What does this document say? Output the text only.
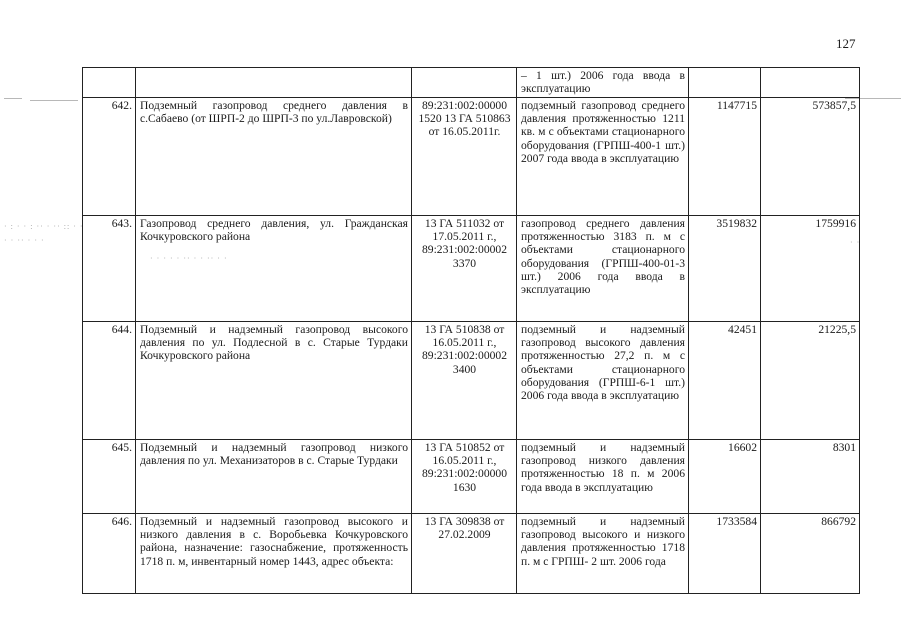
127
· : · · : ·· · ·· :: · ·
· · ·· · · ·
· · · · · ·· · · ·· · ·
· ·
			– 1 шт.) 2006 года ввода в эксплуатацию		
642.	Подземный газопровод среднего давления в с.Сабаево (от ШРП-2 до ШРП-3 по ул.Лавровской)	89:231:002:00000 1520 13 ГА 510863 от 16.05.2011г.	подземный газопровод среднего давления протяженностью 1211 кв. м с объектами стационарного оборудования (ГРПШ-400-1 шт.) 2007 года ввода в эксплуатацию	1147715	573857,5
643.	Газопровод среднего давления, ул. Гражданская Кочкуровского района	13 ГА 511032 от 17.05.2011 г., 89:231:002:00002 3370	газопровод среднего давления протяженностью 3183 п. м с объектами стационарного оборудования (ГРПШ-400-01-3 шт.) 2006 года ввода в эксплуатацию	3519832	1759916
644.	Подземный и надземный газопровод высокого давления по ул. Подлесной в с. Старые Турдаки Кочкуровского района	13 ГА 510838 от 16.05.2011 г., 89:231:002:00002 3400	подземный и надземный газопровод высокого давления протяженностью 27,2 п. м с объектами стационарного оборудования (ГРПШ-6-1 шт.) 2006 года ввода в эксплуатацию	42451	21225,5
645.	Подземный и надземный газопровод низкого давления по ул. Механизаторов в с. Старые Турдаки	13 ГА 510852 от 16.05.2011 г., 89:231:002:00000 1630	подземный и надземный газопровод низкого давления протяженностью 18 п. м 2006 года ввода в эксплуатацию	16602	8301
646.	Подземный и надземный газопровод высокого и низкого давления в с. Воробьевка Кочкуровского района, назначение: газоснабжение, протяженность 1718 п. м, инвентарный номер 1443, адрес объекта:	13 ГА 309838 от 27.02.2009	подземный и надземный газопровод высокого и низкого давления протяженностью 1718 п. м с ГРПШ- 2 шт. 2006 года	1733584	866792
